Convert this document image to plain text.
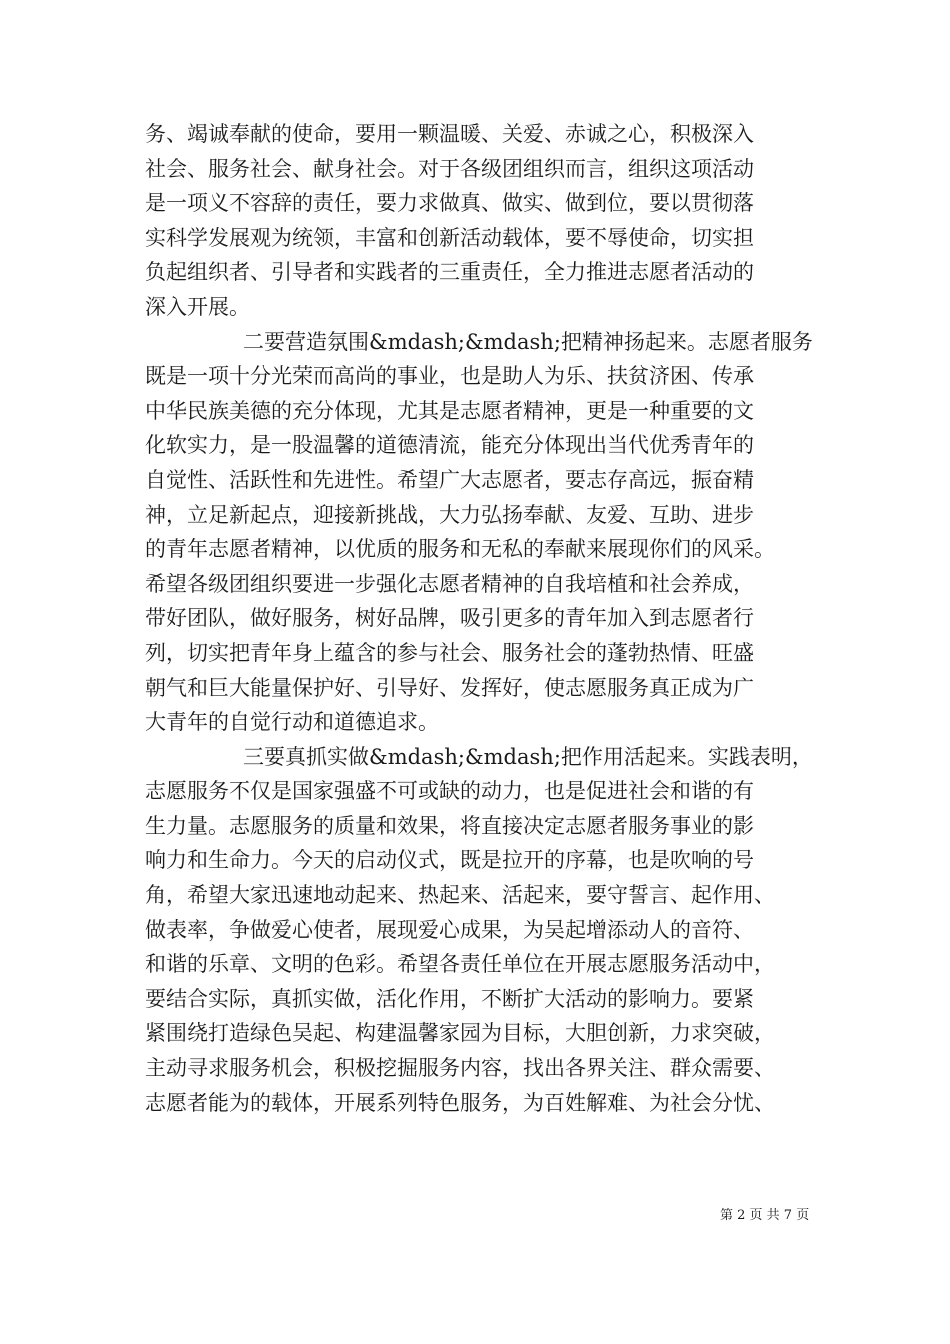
务、竭诚奉献的使命，要用一颗温暖、关爱、赤诚之心，积极深入
社会、服务社会、献身社会。对于各级团组织而言，组织这项活动
是一项义不容辞的责任，要力求做真、做实、做到位，要以贯彻落
实科学发展观为统领，丰富和创新活动载体，要不辱使命，切实担
负起组织者、引导者和实践者的三重责任，全力推进志愿者活动的
深入开展。
二要营造氛围&mdash;&mdash;把精神扬起来。志愿者服务
既是一项十分光荣而高尚的事业，也是助人为乐、扶贫济困、传承
中华民族美德的充分体现，尤其是志愿者精神，更是一种重要的文
化软实力，是一股温馨的道德清流，能充分体现出当代优秀青年的
自觉性、活跃性和先进性。希望广大志愿者，要志存高远，振奋精
神，立足新起点，迎接新挑战，大力弘扬奉献、友爱、互助、进步
的青年志愿者精神，以优质的服务和无私的奉献来展现你们的风采。
希望各级团组织要进一步强化志愿者精神的自我培植和社会养成，
带好团队，做好服务，树好品牌，吸引更多的青年加入到志愿者行
列，切实把青年身上蕴含的参与社会、服务社会的蓬勃热情、旺盛
朝气和巨大能量保护好、引导好、发挥好，使志愿服务真正成为广
大青年的自觉行动和道德追求。
三要真抓实做&mdash;&mdash;把作用活起来。实践表明，
志愿服务不仅是国家强盛不可或缺的动力，也是促进社会和谐的有
生力量。志愿服务的质量和效果，将直接决定志愿者服务事业的影
响力和生命力。今天的启动仪式，既是拉开的序幕，也是吹响的号
角，希望大家迅速地动起来、热起来、活起来，要守誓言、起作用、
做表率，争做爱心使者，展现爱心成果，为吴起增添动人的音符、
和谐的乐章、文明的色彩。希望各责任单位在开展志愿服务活动中，
要结合实际，真抓实做，活化作用，不断扩大活动的影响力。要紧
紧围绕打造绿色吴起、构建温馨家园为目标，大胆创新，力求突破，
主动寻求服务机会，积极挖掘服务内容，找出各界关注、群众需要、
志愿者能为的载体，开展系列特色服务，为百姓解难、为社会分忧、
第 2 页 共 7 页
